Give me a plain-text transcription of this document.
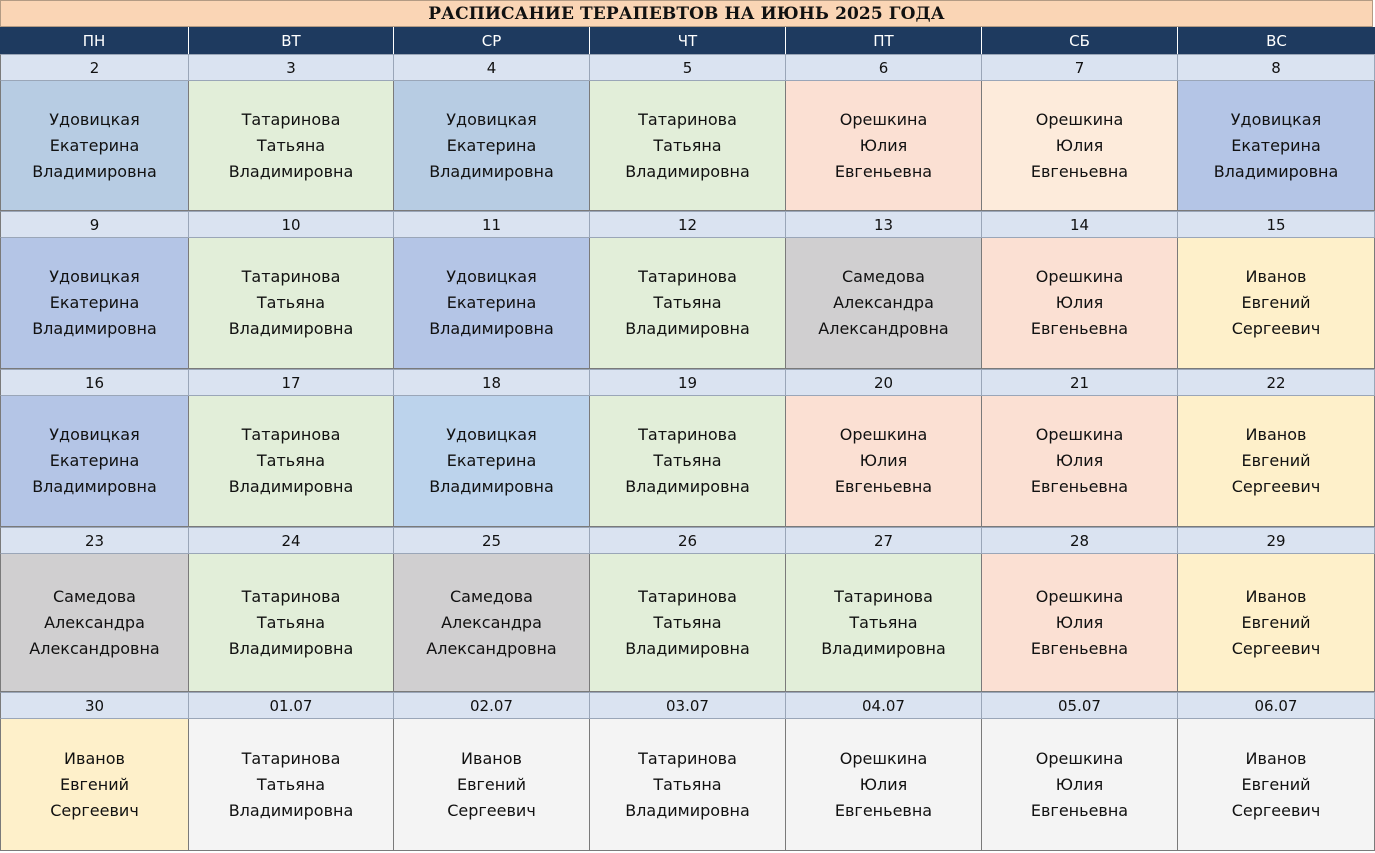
РАСПИСАНИЕ ТЕРАПЕВТОВ НА ИЮНЬ 2025 ГОДА
ПН	ВТ	СР	ЧТ	ПТ	СБ	ВС
2	3	4	5	6	7	8
Удовицкая
Екатерина
Владимировна
Татаринова
Татьяна
Владимировна
Удовицкая
Екатерина
Владимировна
Татаринова
Татьяна
Владимировна
Орешкина
Юлия
Евгеньевна
Орешкина
Юлия
Евгеньевна
Удовицкая
Екатерина
Владимировна
9	10	11	12	13	14	15
Удовицкая
Екатерина
Владимировна
Татаринова
Татьяна
Владимировна
Удовицкая
Екатерина
Владимировна
Татаринова
Татьяна
Владимировна
Самедова
Александра
Александровна
Орешкина
Юлия
Евгеньевна
Иванов
Евгений
Сергеевич
16	17	18	19	20	21	22
Удовицкая
Екатерина
Владимировна
Татаринова
Татьяна
Владимировна
Удовицкая
Екатерина
Владимировна
Татаринова
Татьяна
Владимировна
Орешкина
Юлия
Евгеньевна
Орешкина
Юлия
Евгеньевна
Иванов
Евгений
Сергеевич
23	24	25	26	27	28	29
Самедова
Александра
Александровна
Татаринова
Татьяна
Владимировна
Самедова
Александра
Александровна
Татаринова
Татьяна
Владимировна
Татаринова
Татьяна
Владимировна
Орешкина
Юлия
Евгеньевна
Иванов
Евгений
Сергеевич
30	01.07	02.07	03.07	04.07	05.07	06.07
Иванов
Евгений
Сергеевич
Татаринова
Татьяна
Владимировна
Иванов
Евгений
Сергеевич
Татаринова
Татьяна
Владимировна
Орешкина
Юлия
Евгеньевна
Орешкина
Юлия
Евгеньевна
Иванов
Евгений
Сергеевич
